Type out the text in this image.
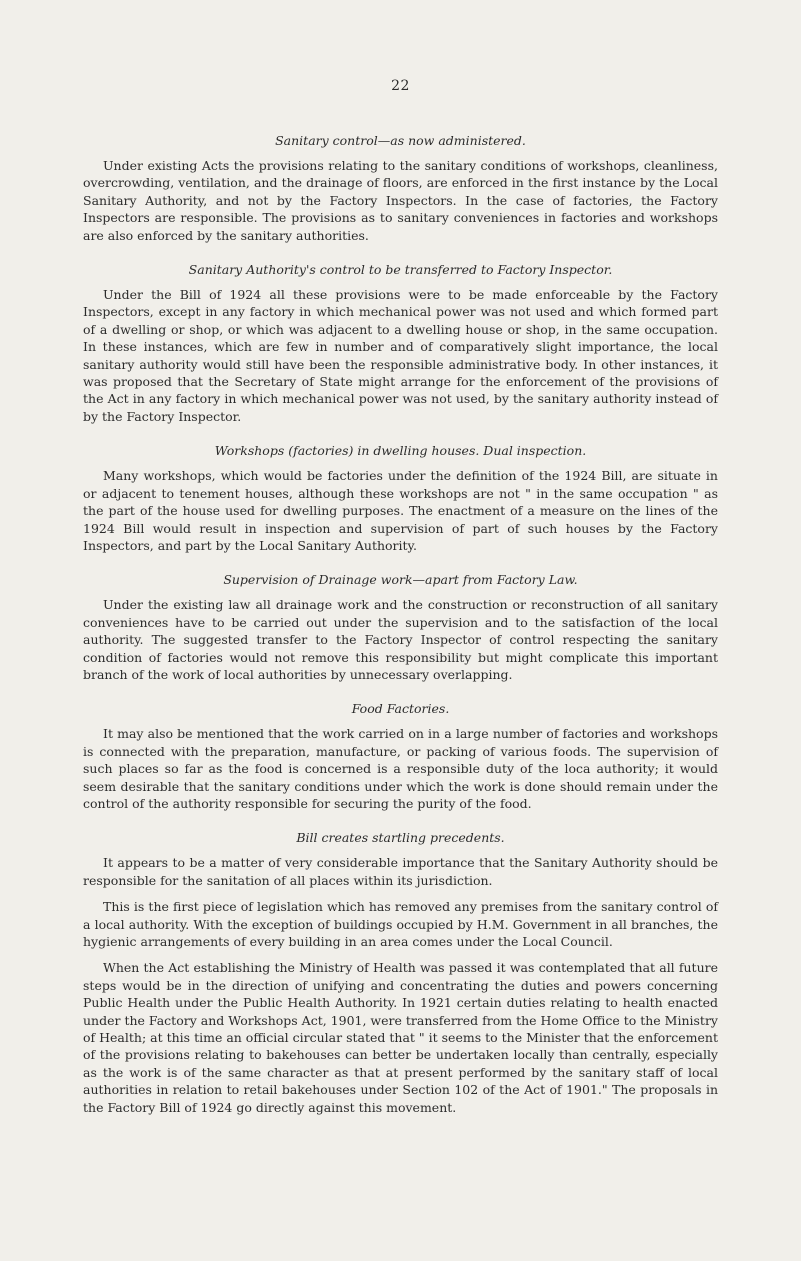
22
Sanitary control—as now administered.

Under existing Acts the provisions relating to the sanitary conditions of workshops, cleanliness, overcrowding, ventilation, and the drainage of floors, are enforced in the first instance by the Local Sanitary Authority, and not by the Factory Inspectors. In the case of factories, the Factory Inspectors are responsible. The provisions as to sanitary conveniences in factories and workshops are also enforced by the sanitary authorities.

Sanitary Authority's control to be transferred to Factory Inspector.

Under the Bill of 1924 all these provisions were to be made enforceable by the Factory Inspectors, except in any factory in which mechanical power was not used and which formed part of a dwelling or shop, or which was adjacent to a dwelling house or shop, in the same occupation. In these instances, which are few in number and of comparatively slight importance, the local sanitary authority would still have been the responsible administrative body. In other instances, it was proposed that the Secretary of State might arrange for the enforcement of the provisions of the Act in any factory in which mechanical power was not used, by the sanitary authority instead of by the Factory Inspector.

Workshops (factories) in dwelling houses. Dual inspection.

Many workshops, which would be factories under the definition of the 1924 Bill, are situate in or adjacent to tenement houses, although these workshops are not " in the same occupation " as the part of the house used for dwelling purposes. The enactment of a measure on the lines of the 1924 Bill would result in inspection and supervision of part of such houses by the Factory Inspectors, and part by the Local Sanitary Authority.

Supervision of Drainage work—apart from Factory Law.

Under the existing law all drainage work and the construction or reconstruction of all sanitary conveniences have to be carried out under the supervision and to the satisfaction of the local authority. The suggested transfer to the Factory Inspector of control respecting the sanitary condition of factories would not remove this responsibility but might complicate this important branch of the work of local authorities by unnecessary overlapping.

Food Factories.

It may also be mentioned that the work carried on in a large number of factories and workshops is connected with the preparation, manufacture, or packing of various foods. The supervision of such places so far as the food is concerned is a responsible duty of the loca authority; it would seem desirable that the sanitary conditions under which the work is done should remain under the control of the authority responsible for securing the purity of the food.

Bill creates startling precedents.

It appears to be a matter of very considerable importance that the Sanitary Authority should be responsible for the sanitation of all places within its jurisdiction.

This is the first piece of legislation which has removed any premises from the sanitary control of a local authority. With the exception of buildings occupied by H.M. Government in all branches, the hygienic arrangements of every building in an area comes under the Local Council.

When the Act establishing the Ministry of Health was passed it was contemplated that all future steps would be in the direction of unifying and concentrating the duties and powers concerning Public Health under the Public Health Authority. In 1921 certain duties relating to health enacted under the Factory and Workshops Act, 1901, were transferred from the Home Office to the Ministry of Health; at this time an official circular stated that " it seems to the Minister that the enforcement of the provisions relating to bakehouses can better be undertaken locally than centrally, especially as the work is of the same character as that at present performed by the sanitary staff of local authorities in relation to retail bakehouses under Section 102 of the Act of 1901." The proposals in the Factory Bill of 1924 go directly against this movement.
